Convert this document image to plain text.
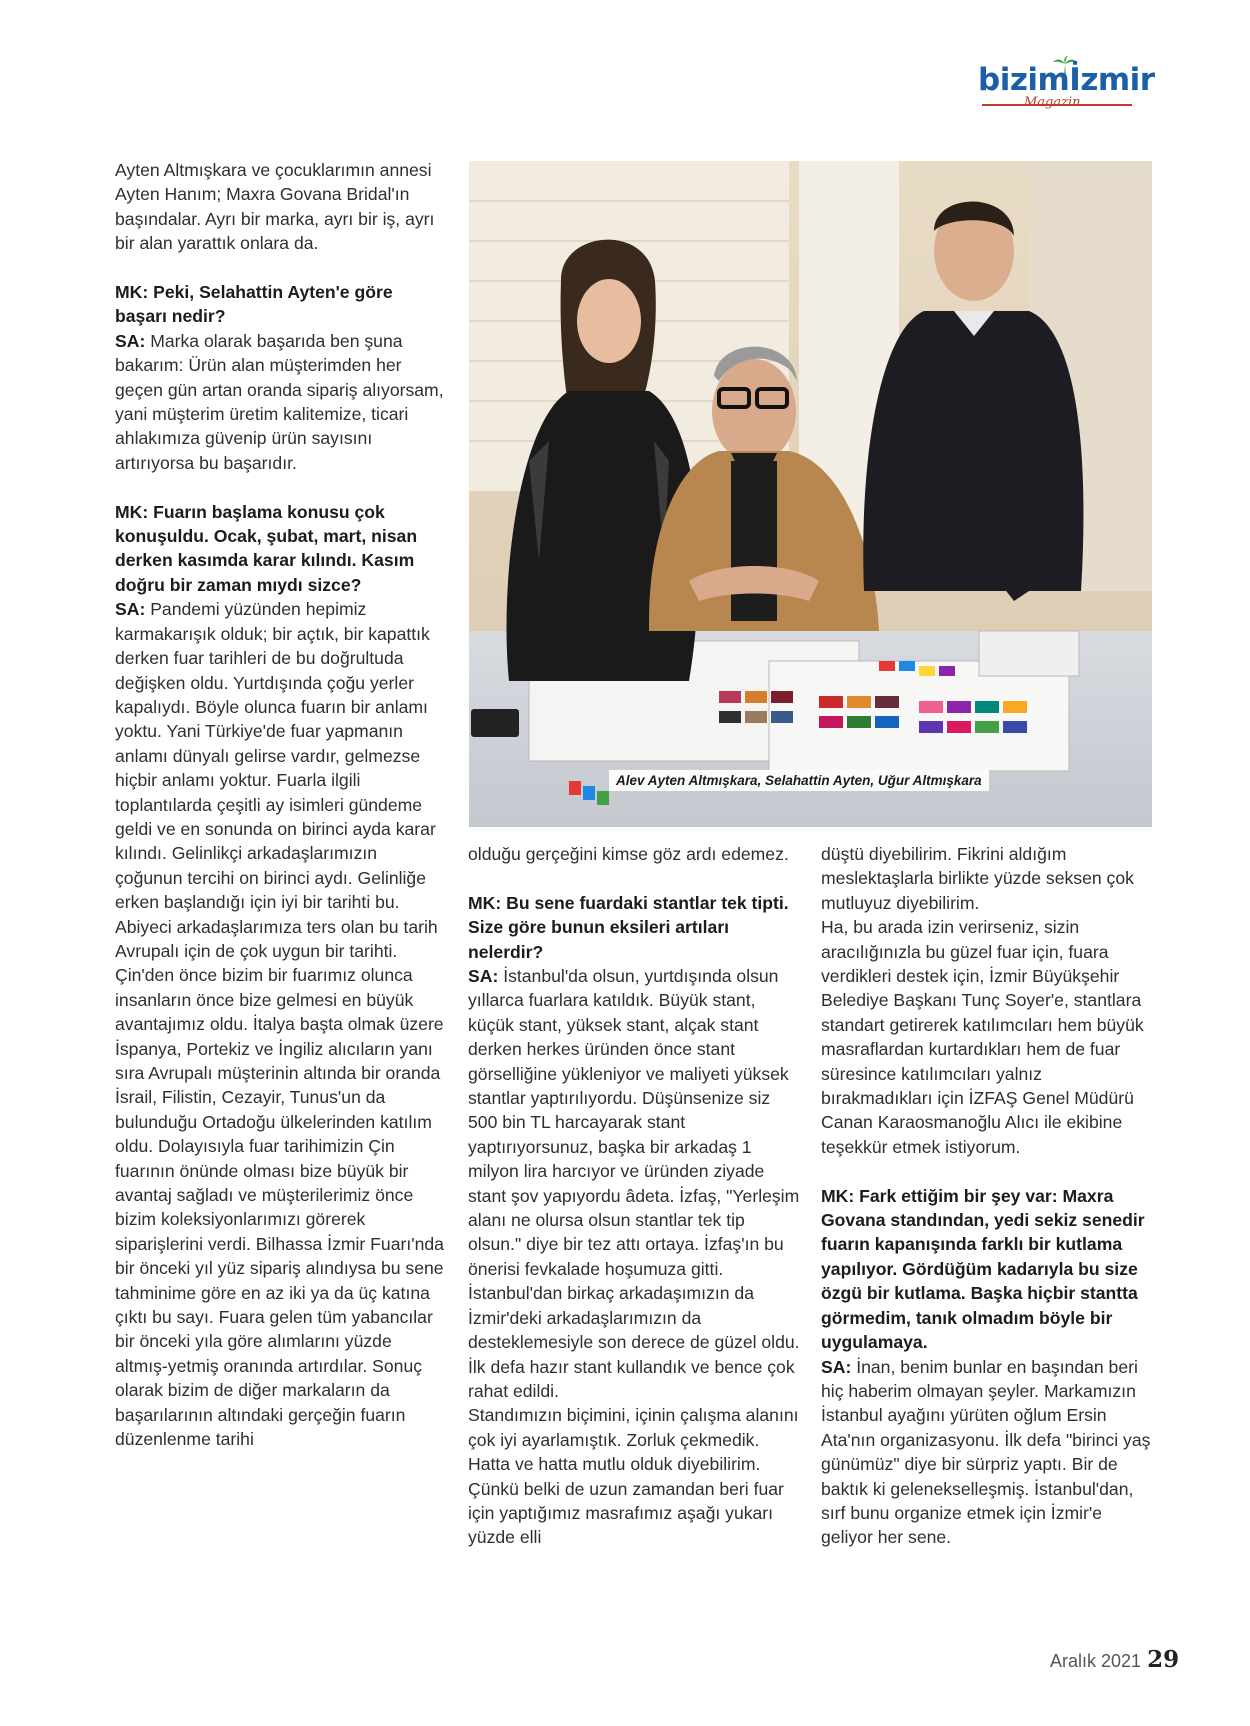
bizimİzmir
Magazin

Ayten Altmışkara ve çocuklarımın annesi Ayten Hanım; Maxra Govana Bridal'ın başındalar. Ayrı bir marka, ayrı bir iş, ayrı bir alan yarattık onlara da.

MK: Peki, Selahattin Ayten'e göre başarı nedir?

SA: Marka olarak başarıda ben şuna bakarım: Ürün alan müşterimden her geçen gün artan oranda sipariş alıyorsam, yani müşterim üretim kalitemize, ticari ahlakımıza güvenip ürün sayısını artırıyorsa bu başarıdır.

MK: Fuarın başlama konusu çok konuşuldu. Ocak, şubat, mart, nisan derken kasımda karar kılındı. Kasım doğru bir zaman mıydı sizce?

SA: Pandemi yüzünden hepimiz karmakarışık olduk; bir açtık, bir kapattık derken fuar tarihleri de bu doğrultuda değişken oldu. Yurtdışında çoğu yerler kapalıydı. Böyle olunca fuarın bir anlamı yoktu. Yani Türkiye'de fuar yapmanın anlamı dünyalı gelirse vardır, gelmezse hiçbir anlamı yoktur. Fuarla ilgili toplantılarda çeşitli ay isimleri gündeme geldi ve en sonunda on birinci ayda karar kılındı. Gelinlikçi arkadaşlarımızın çoğunun tercihi on birinci aydı. Gelinliğe erken başlandığı için iyi bir tarihti bu. Abiyeci arkadaşlarımıza ters olan bu tarih Avrupalı için de çok uygun bir tarihti. Çin'den önce bizim bir fuarımız olunca insanların önce bize gelmesi en büyük avantajımız oldu. İtalya başta olmak üzere İspanya, Portekiz ve İngiliz alıcıların yanı sıra Avrupalı müşterinin altında bir oranda İsrail, Filistin, Cezayir, Tunus'un da bulunduğu Ortadoğu ülkelerinden katılım oldu. Dolayısıyla fuar tarihimizin Çin fuarının önünde olması bize büyük bir avantaj sağladı ve müşterilerimiz önce bizim koleksiyonlarımızı görerek siparişlerini verdi. Bilhassa İzmir Fuarı'nda bir önceki yıl yüz sipariş alındıysa bu sene tahminime göre en az iki ya da üç katına çıktı bu sayı. Fuara gelen tüm yabancılar bir önceki yıla göre alımlarını yüzde altmış-yetmiş oranında artırdılar. Sonuç olarak bizim de diğer markaların da başarılarının altındaki gerçeğin fuarın düzenlenme tarihi

Alev Ayten Altmışkara, Selahattin Ayten, Uğur Altmışkara

olduğu gerçeğini kimse göz ardı edemez.

MK: Bu sene fuardaki stantlar tek tipti. Size göre bunun eksileri artıları nelerdir?
SA: İstanbul'da olsun, yurtdışında olsun yıllarca fuarlara katıldık. Büyük stant, küçük stant, yüksek stant, alçak stant derken herkes üründen önce stant görselliğine yükleniyor ve maliyeti yüksek stantlar yaptırılıyordu. Düşünsenize siz 500 bin TL harcayarak stant yaptırıyorsunuz, başka bir arkadaş 1 milyon lira harcıyor ve üründen ziyade stant şov yapıyordu âdeta. İzfaş, "Yerleşim alanı ne olursa olsun stantlar tek tip olsun." diye bir tez attı ortaya. İzfaş'ın bu önerisi fevkalade hoşumuza gitti. İstanbul'dan birkaç arkadaşımızın da İzmir'deki arkadaşlarımızın da desteklemesiyle son derece de güzel oldu. İlk defa hazır stant kullandık ve bence çok rahat edildi.
Standımızın biçimini, içinin çalışma alanını çok iyi ayarlamıştık. Zorluk çekmedik. Hatta ve hatta mutlu olduk diyebilirim. Çünkü belki de uzun zamandan beri fuar için yaptığımız masrafımız aşağı yukarı yüzde elli
düştü diyebilirim. Fikrini aldığım meslektaşlarla birlikte yüzde seksen çok mutluyuz diyebilirim.

Ha, bu arada izin verirseniz, sizin aracılığınızla bu güzel fuar için, fuara verdikleri destek için, İzmir Büyükşehir Belediye Başkanı Tunç Soyer'e, stantlara standart getirerek katılımcıları hem büyük masraflardan kurtardıkları hem de fuar süresince katılımcıları yalnız bırakmadıkları için İZFAŞ Genel Müdürü Canan Karaosmanoğlu Alıcı ile ekibine teşekkür etmek istiyorum.

MK: Fark ettiğim bir şey var: Maxra Govana standından, yedi sekiz senedir fuarın kapanışında farklı bir kutlama yapılıyor. Gördüğüm kadarıyla bu size özgü bir kutlama. Başka hiçbir stantta görmedim, tanık olmadım böyle bir uygulamaya.
SA: İnan, benim bunlar en başından beri hiç haberim olmayan şeyler. Markamızın İstanbul ayağını yürüten oğlum Ersin Ata'nın organizasyonu. İlk defa "birinci yaş günümüz" diye bir sürpriz yaptı. Bir de baktık ki gelenekselleşmiş. İstanbul'dan, sırf bunu organize etmek için İzmir'e geliyor her sene.
Aralık 2021 29
